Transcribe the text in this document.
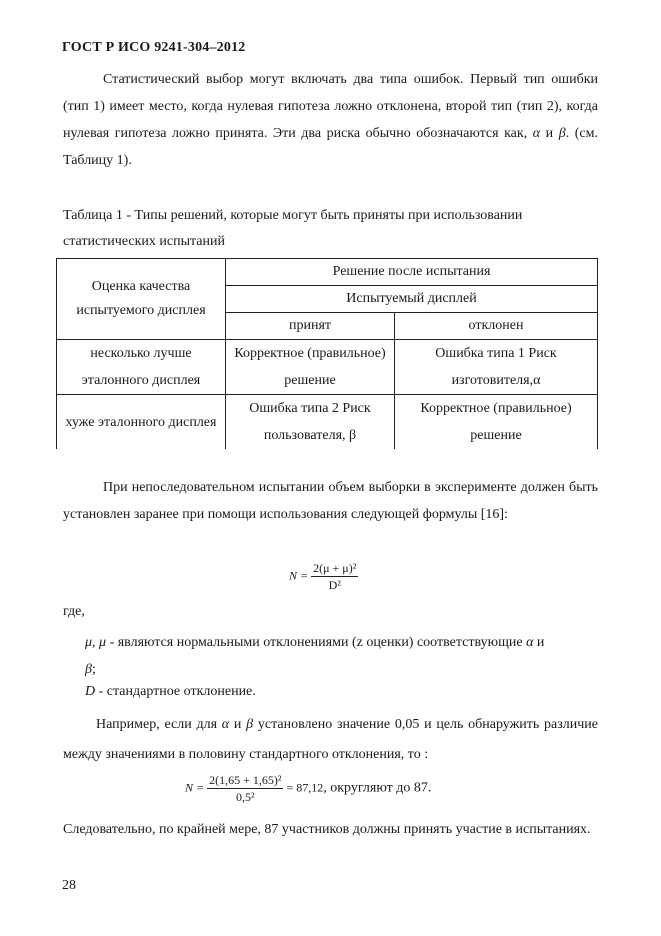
ГОСТ Р ИСО 9241-304–2012
Статистический выбор могут включать два типа ошибок. Первый тип ошибки (тип 1) имеет место, когда нулевая гипотеза ложно отклонена, второй тип (тип 2), когда нулевая гипотеза ложно принята. Эти два риска обычно обозначаются как, α и β. (см. Таблицу 1).
Таблица 1 - Типы решений, которые могут быть приняты при использовании статистических испытаний
Оценка качества испытуемого дисплея	Решение после испытания	
	Испытуемый дисплей	
	принят	отклонен
несколько лучше эталонного дисплея	Корректное (правильное) решение	Ошибка типа 1 Риск изготовителя,α
хуже эталонного дисплея	Ошибка типа 2 Риск пользователя, β	Корректное (правильное) решение
При непоследовательном испытании объем выборки в эксперименте должен быть установлен заранее при помощи использования следующей формулы [16]:
$N = \frac{\text{2(μ + μ)²}}{\text{D²}}$
где,
μ, μ - являются нормальными отклонениями (z оценки) соответствующие α и
β;
D - стандартное отклонение.
Например, если для α и β установлено значение 0,05 и цель обнаружить различие между значениями в половину стандартного отклонения, то :
$N = \frac{\text{2(1,65 + 1,65)²}}{\text{0,5²}} = 87,12$, округляют до 87.
Следовательно, по крайней мере, 87 участников должны принять участие в испытаниях.
28
